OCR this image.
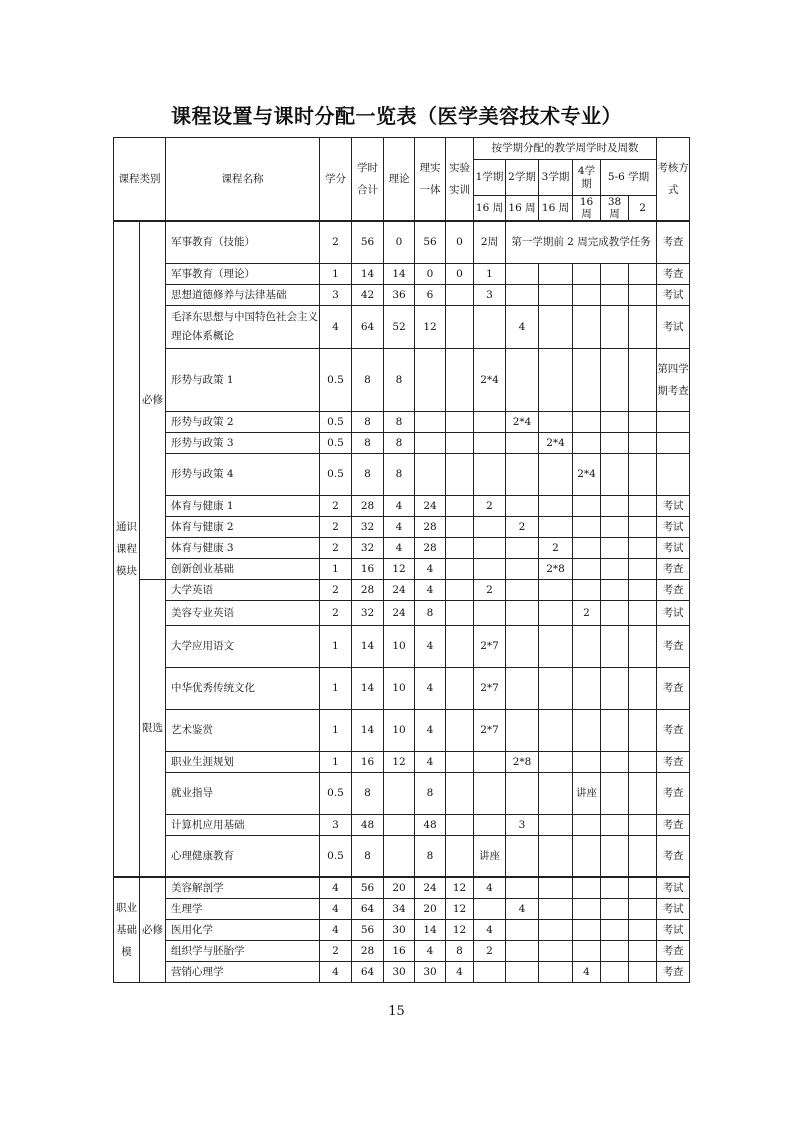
课程设置与课时分配一览表（医学美容技术专业）
课程类别		课程名称	学分	学时合计	理论	理实一体	实验实训	按学期分配的教学周学时及周数						考核方式
								1学期	2学期	3学期	4学期	5-6 学期		
								16 周	16 周	16 周	16 周	38 周	2	
通识课程模块	必修	军事教育（技能）	2	56	0	56	0	2周	第一学期前 2 周完成教学任务					考查
		军事教育（理论）	1	14	14	0	0	1						考查
		思想道德修养与法律基础	3	42	36	6		3						考试
		毛泽东思想与中国特色社会主义理论体系概论	4	64	52	12			4					考试
		形势与政策 1	0.5	8	8			2*4						第四学期考查
		形势与政策 2	0.5	8	8				2*4					
		形势与政策 3	0.5	8	8					2*4				
		形势与政策 4	0.5	8	8						2*4			
		体育与健康 1	2	28	4	24		2						考试
		体育与健康 2	2	32	4	28			2					考试
		体育与健康 3	2	32	4	28				2				考试
		创新创业基础	1	16	12	4				2*8				考查
	限选	大学英语	2	28	24	4		2						考查
		美容专业英语	2	32	24	8					2			考试
		大学应用语文	1	14	10	4		2*7						考查
		中华优秀传统文化	1	14	10	4		2*7						考查
		艺术鉴赏	1	14	10	4		2*7						考查
		职业生涯规划	1	16	12	4			2*8					考查
		就业指导	0.5	8		8					讲座			考查
		计算机应用基础	3	48		48			3					考查
		心理健康教育	0.5	8		8		讲座						考查
职业基础模	必修	美容解剖学	4	56	20	24	12	4						考试
		生理学	4	64	34	20	12		4					考试
		医用化学	4	56	30	14	12	4						考试
		组织学与胚胎学	2	28	16	4	8	2						考查
		营销心理学	4	64	30	30	4				4			考查
15
